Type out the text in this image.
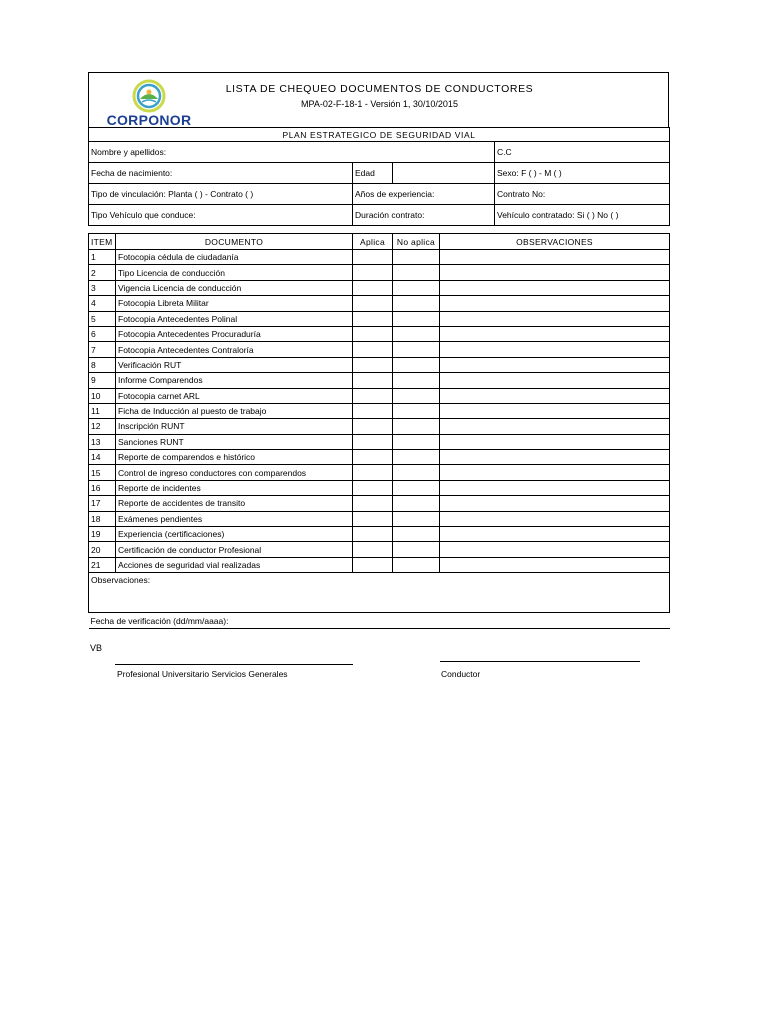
CORPONOR
LISTA DE CHEQUEO DOCUMENTOS DE CONDUCTORES
MPA-02-F-18-1 - Versión 1, 30/10/2015
PLAN ESTRATEGICO DE SEGURIDAD VIAL			
Nombre y apellidos:			C.C
Fecha de nacimiento:	Edad		Sexo: F ( ) - M ( )
Tipo de vinculación: Planta ( ) - Contrato ( )	Años de experiencia:		Contrato No:
Tipo Vehículo que conduce:	Duración contrato:		Vehículo contratado: Si ( ) No ( )
ITEM	DOCUMENTO	Aplica	No aplica	OBSERVACIONES
1	Fotocopia cédula de ciudadanía			
2	Tipo Licencia de conducción			
3	Vigencia Licencia de conducción			
4	Fotocopia Libreta Militar			
5	Fotocopia Antecedentes Polinal			
6	Fotocopia Antecedentes Procuraduría			
7	Fotocopia Antecedentes Contraloría			
8	Verificación RUT			
9	Informe Comparendos			
10	Fotocopia carnet ARL			
11	Ficha de Inducción al puesto de trabajo			
12	Inscripción RUNT			
13	Sanciones RUNT			
14	Reporte de comparendos e histórico			
15	Control de ingreso conductores con comparendos			
16	Reporte de incidentes			
17	Reporte de accidentes de transito			
18	Exámenes pendientes			
19	Experiencia (certificaciones)			
20	Certificación de conductor Profesional			
21	Acciones de seguridad vial realizadas			
Observaciones:				
Fecha de verificación (dd/mm/aaaa):				
VB
Profesional Universitario Servicios Generales	Conductor
